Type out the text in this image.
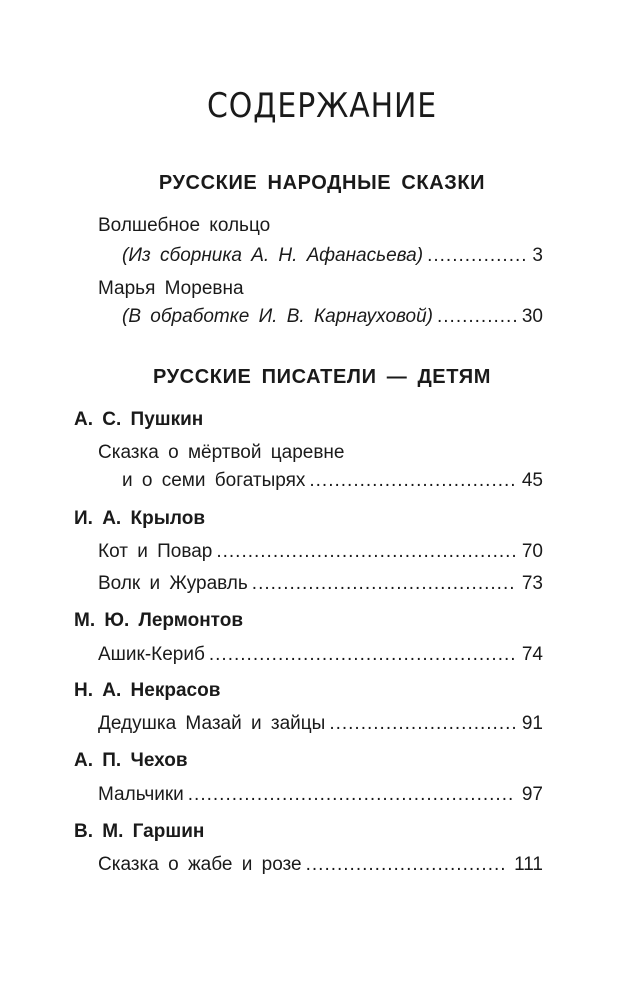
СОДЕРЖАНИЕ
РУССКИЕ НАРОДНЫЕ СКАЗКИ
Волшебное кольцо
(Из сборника А. Н. Афанасьева) .....	3
Марья Моревна
(В обработке И. В. Карнауховой) .....	30
РУССКИЕ ПИСАТЕЛИ — ДЕТЯМ
А. С. Пушкин
Сказка о мёртвой царевне
и о семи богатырях .....	45
И. А. Крылов
Кот и Повар .....	70
Волк и Журавль .....	73
М. Ю. Лермонтов
Ашик-Кериб .....	74
Н. А. Некрасов
Дедушка Мазай и зайцы .....	91
А. П. Чехов
Мальчики .....	97
В. М. Гаршин
Сказка о жабе и розе .....	111
